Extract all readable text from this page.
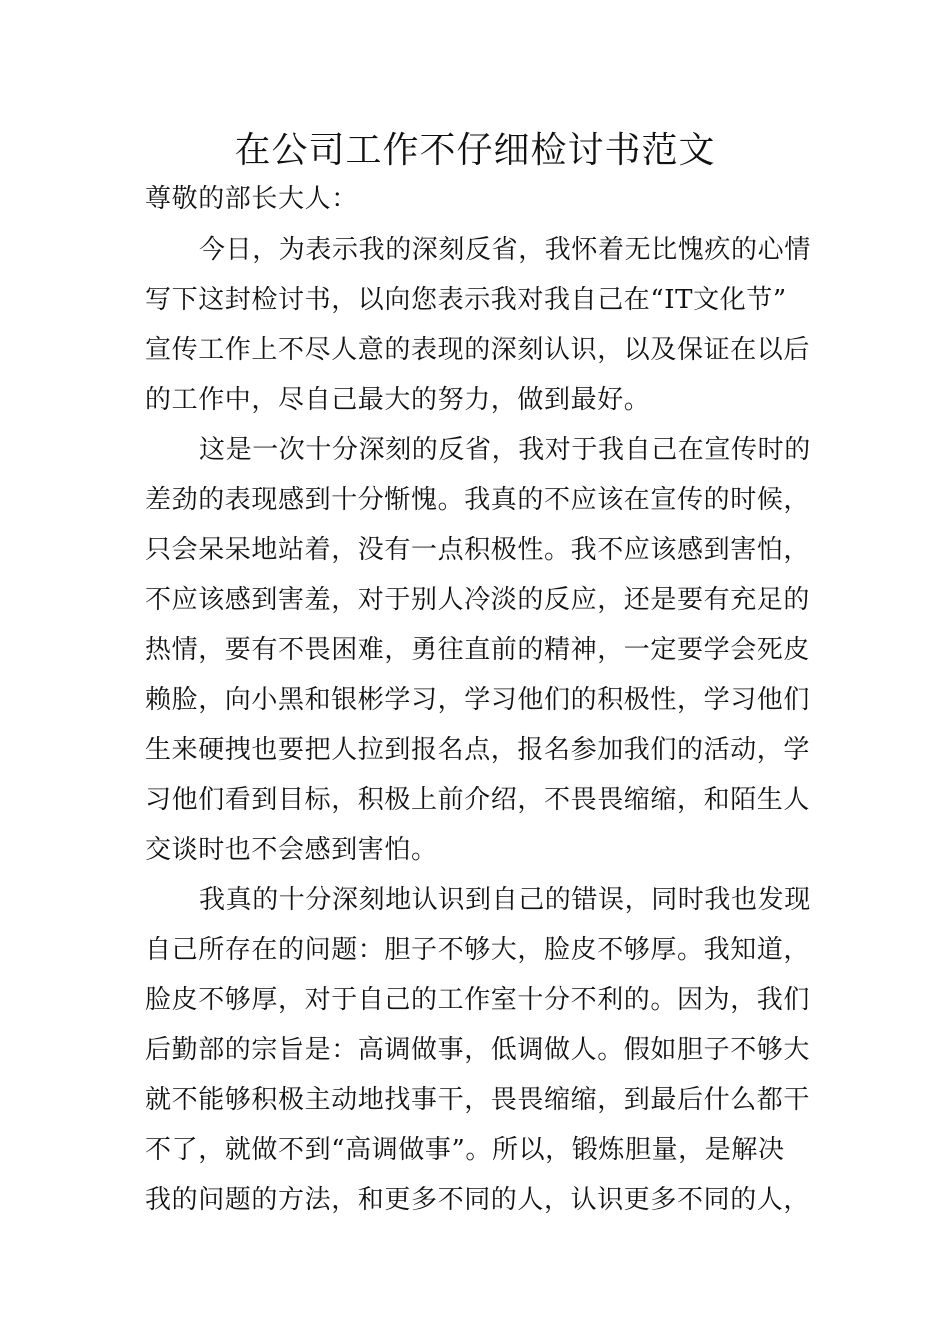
在公司工作不仔细检讨书范文

尊敬的部长大人：

今日，为表示我的深刻反省，我怀着无比愧疚的心情

写下这封检讨书，以向您表示我对我自己在“IT文化节”

宣传工作上不尽人意的表现的深刻认识，以及保证在以后

的工作中，尽自己最大的努力，做到最好。

这是一次十分深刻的反省，我对于我自己在宣传时的

差劲的表现感到十分惭愧。我真的不应该在宣传的时候，

只会呆呆地站着，没有一点积极性。我不应该感到害怕，

不应该感到害羞，对于别人冷淡的反应，还是要有充足的

热情，要有不畏困难，勇往直前的精神，一定要学会死皮

赖脸，向小黑和银彬学习，学习他们的积极性，学习他们

生来硬拽也要把人拉到报名点，报名参加我们的活动，学

习他们看到目标，积极上前介绍，不畏畏缩缩，和陌生人

交谈时也不会感到害怕。

我真的十分深刻地认识到自己的错误，同时我也发现

自己所存在的问题：胆子不够大，脸皮不够厚。我知道，

脸皮不够厚，对于自己的工作室十分不利的。因为，我们

后勤部的宗旨是：高调做事，低调做人。假如胆子不够大

就不能够积极主动地找事干，畏畏缩缩，到最后什么都干

不了，就做不到“高调做事”。所以，锻炼胆量，是解决

我的问题的方法，和更多不同的人，认识更多不同的人，
